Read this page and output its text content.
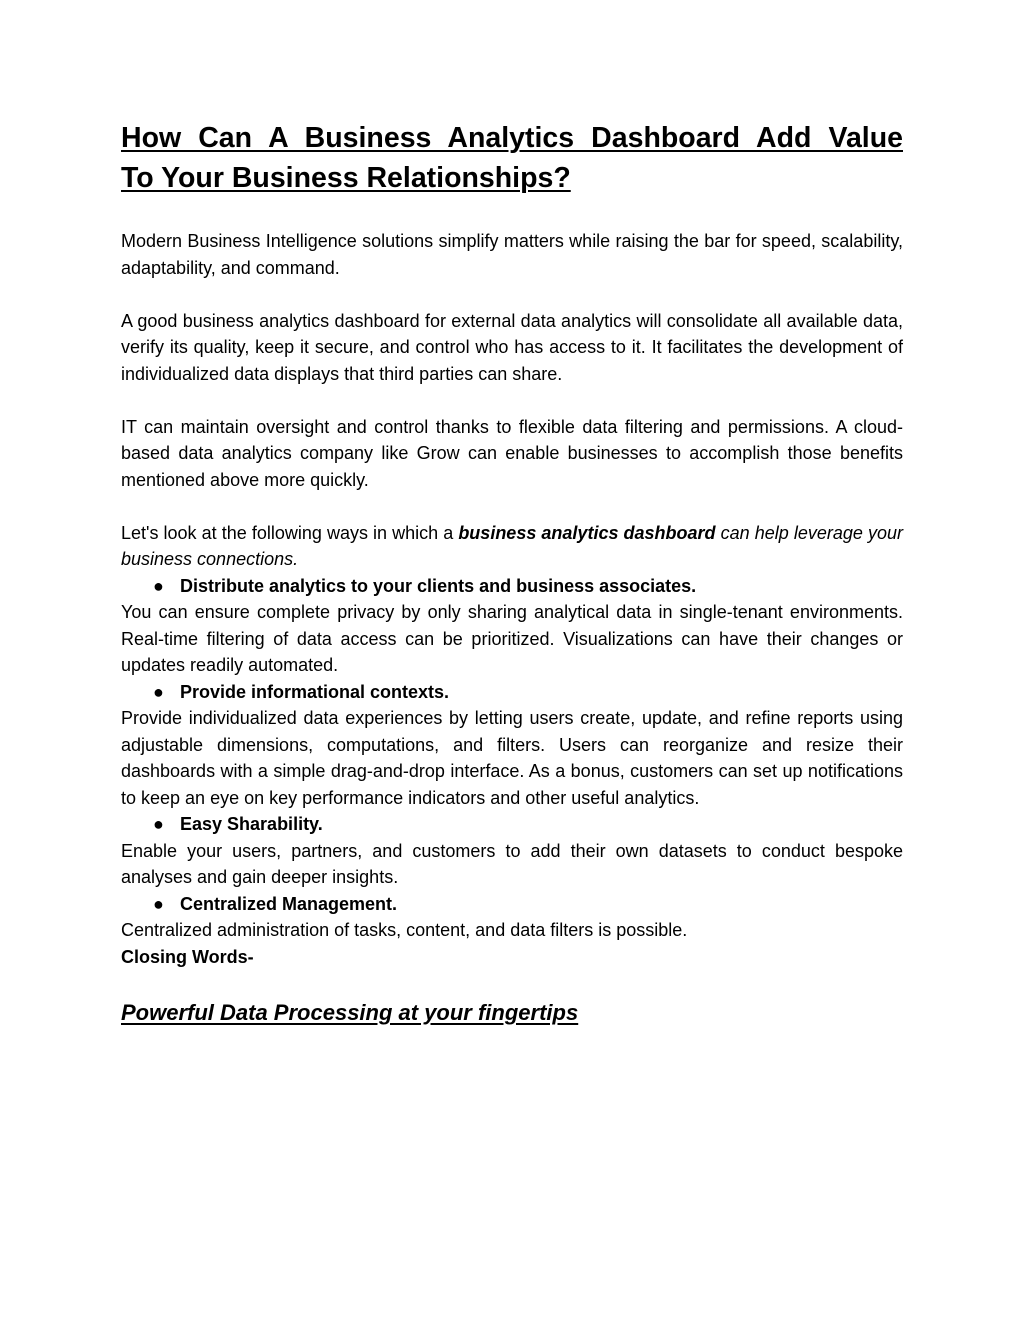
How Can A Business Analytics Dashboard Add Value
To Your Business Relationships?

Modern Business Intelligence solutions simplify matters while raising the bar for speed, scalability, adaptability, and command.

A good business analytics dashboard for external data analytics will consolidate all available data, verify its quality, keep it secure, and control who has access to it. It facilitates the development of individualized data displays that third parties can share.

IT can maintain oversight and control thanks to flexible data filtering and permissions. A cloud-based data analytics company like Grow can enable businesses to accomplish those benefits mentioned above more quickly.

Let's look at the following ways in which a business analytics dashboard can help leverage your business connections.

● Distribute analytics to your clients and business associates.

You can ensure complete privacy by only sharing analytical data in single-tenant environments. Real-time filtering of data access can be prioritized. Visualizations can have their changes or updates readily automated.

● Provide informational contexts.

Provide individualized data experiences by letting users create, update, and refine reports using adjustable dimensions, computations, and filters. Users can reorganize and resize their dashboards with a simple drag-and-drop interface. As a bonus, customers can set up notifications to keep an eye on key performance indicators and other useful analytics.

● Easy Sharability.

Enable your users, partners, and customers to add their own datasets to conduct bespoke analyses and gain deeper insights.

● Centralized Management.

Centralized administration of tasks, content, and data filters is possible.

Closing Words-

Powerful Data Processing at your fingertips
